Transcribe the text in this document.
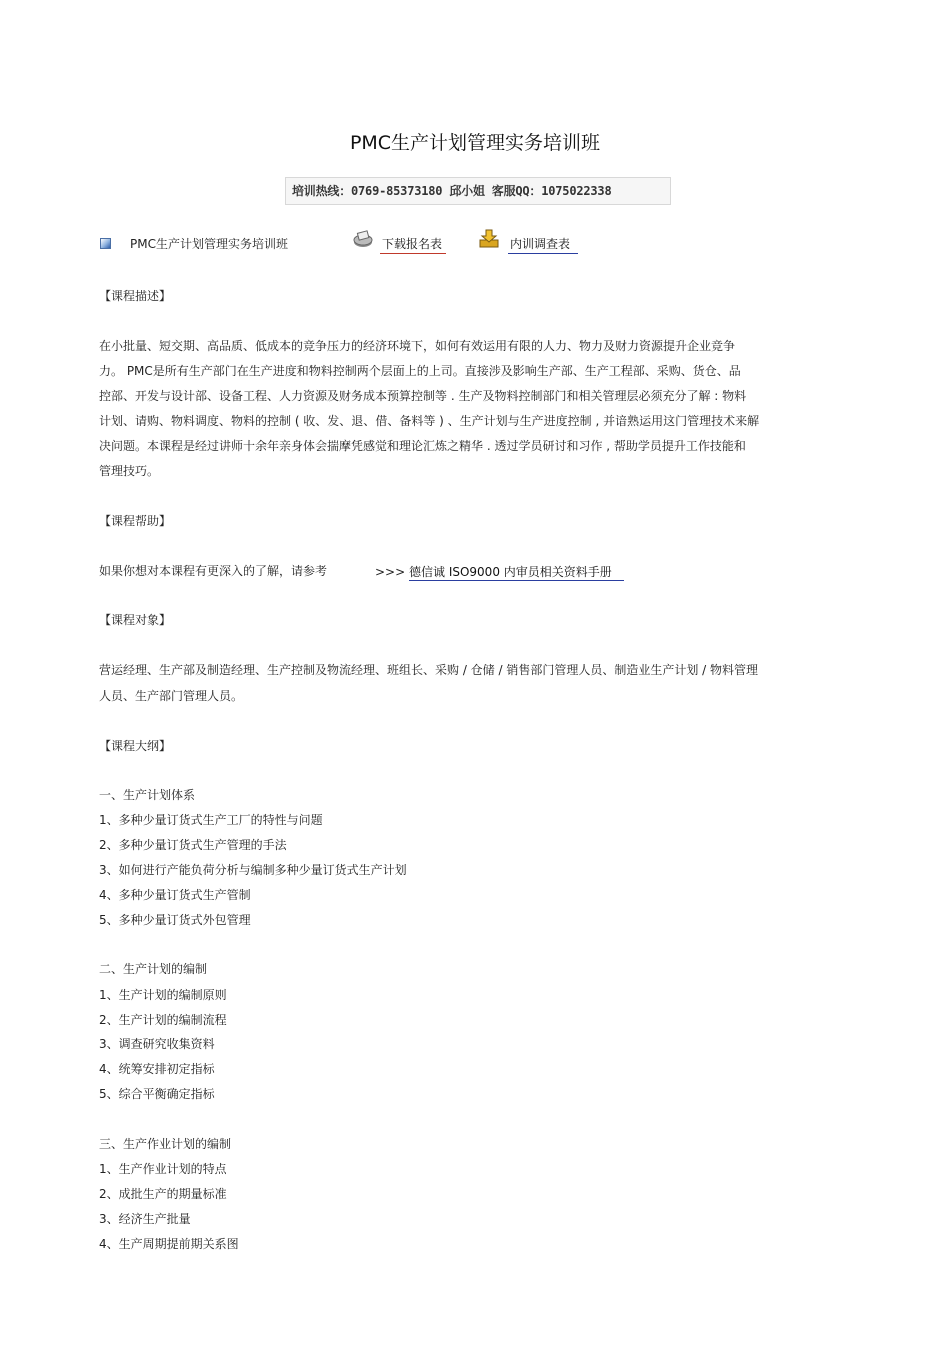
PMC生产计划管理实务培训班
培训热线：0769-85373180 邱小姐 客服QQ：1075022338
PMC生产计划管理实务培训班	下载报名表	内训调查表
【课程描述】
在小批量、短交期、高品质、低成本的竞争压力的经济环境下，如何有效运用有限的人力、物力及财力资源提升企业竞争
力。 PMC是所有生产部门在生产进度和物料控制两个层面上的上司。直接涉及影响生产部、生产工程部、采购、货仓、品
控部、开发与设计部、设备工程、人力资源及财务成本预算控制等 . 生产及物料控制部门和相关管理层必须充分了解 : 物料
计划、请购、物料调度、物料的控制 ( 收、发、退、借、备料等 ) 、生产计划与生产进度控制 , 并谙熟运用这门管理技术来解
决问题。本课程是经过讲师十余年亲身体会揣摩凭感觉和理论汇炼之精华 . 透过学员研讨和习作 , 帮助学员提升工作技能和
管理技巧。
【课程帮助】
如果你想对本课程有更深入的了解，请参考	>>> 德信诚 ISO9000 内审员相关资料手册
【课程对象】
营运经理、生产部及制造经理、生产控制及物流经理、班组长、采购 / 仓储 / 销售部门管理人员、制造业生产计划 / 物料管理
人员、生产部门管理人员。
【课程大纲】
一、生产计划体系
1、多种少量订货式生产工厂的特性与问题
2、多种少量订货式生产管理的手法
3、如何进行产能负荷分析与编制多种少量订货式生产计划
4、多种少量订货式生产管制
5、多种少量订货式外包管理
二、生产计划的编制
1、生产计划的编制原则
2、生产计划的编制流程
3、调查研究收集资料
4、统筹安排初定指标
5、综合平衡确定指标
三、生产作业计划的编制
1、生产作业计划的特点
2、成批生产的期量标准
3、经济生产批量
4、生产周期提前期关系图
